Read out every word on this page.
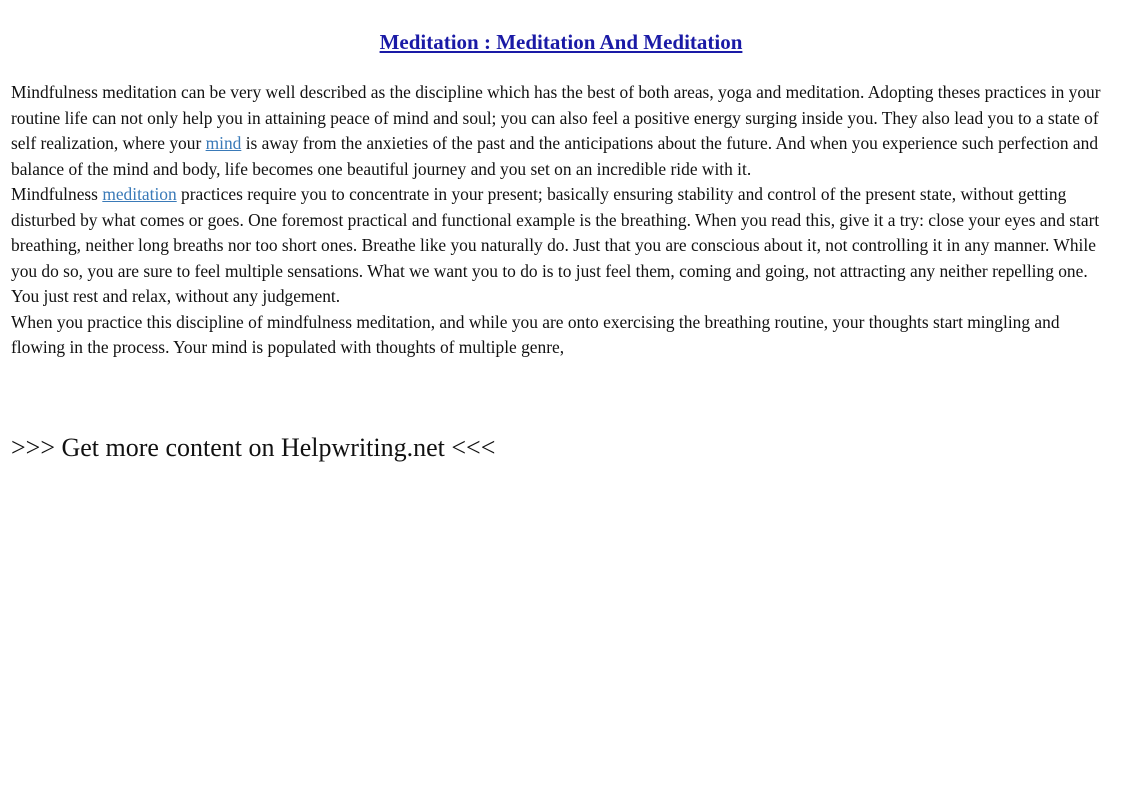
Meditation : Meditation And Meditation

Mindfulness meditation can be very well described as the discipline which has the best of both areas, yoga and meditation. Adopting theses practices in your routine life can not only help you in attaining peace of mind and soul; you can also feel a positive energy surging inside you. They also lead you to a state of self realization, where your mind is away from the anxieties of the past and the anticipations about the future. And when you experience such perfection and balance of the mind and body, life becomes one beautiful journey and you set on an incredible ride with it.

Mindfulness meditation practices require you to concentrate in your present; basically ensuring stability and control of the present state, without getting disturbed by what comes or goes. One foremost practical and functional example is the breathing. When you read this, give it a try: close your eyes and start breathing, neither long breaths nor too short ones. Breathe like you naturally do. Just that you are conscious about it, not controlling it in any manner. While you do so, you are sure to feel multiple sensations. What we want you to do is to just feel them, coming and going, not attracting any neither repelling one. You just rest and relax, without any judgement.

When you practice this discipline of mindfulness meditation, and while you are onto exercising the breathing routine, your thoughts start mingling and flowing in the process. Your mind is populated with thoughts of multiple genre,

>>> Get more content on Helpwriting.net <<<
